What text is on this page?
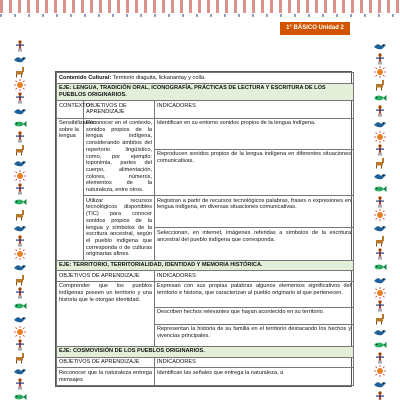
1° BÁSICO Unidad 2
Contenido Cultural: Territorio diaguita, lickanantay y colla.		
EJE: LENGUA, TRADICIÓN ORAL, ICONOGRAFÍA, PRÁCTICAS DE LECTURA Y ESCRITURA DE LOS PUEBLOS ORIGINARIOS.		
CONTEXTO	OBJETIVOS DE APRENDIZAJE	INDICADORES
Sensibilización sobre la lengua	Reconocer en el contexto, sonidos propios de la lengua indígena, considerando ámbitos del repertorio lingüístico, como, por ejemplo: toponimia, partes del cuerpo, alimentación, colores, números, elementos de la naturaleza, entre otros.	Identifican en su entorno sonidos propios de la lengua indígena.
		Reproducen sonidos propios de la lengua indígena en diferentes situaciones comunicativas.
	Utilizar recursos tecnológicos disponibles (TIC) para conocer sonidos propios de la lengua y símbolos de la escritura ancestral, según el pueblo indígena que corresponda o de culturas originarias afines.	Registran a partir de recursos tecnológicos palabras, frases o expresiones en lengua indígena, en diversas situaciones comunicativas.
		Seleccionan, en internet, imágenes referidas a símbolos de la escritura ancestral del pueblo indígena que corresponda.
EJE: TERRITORIO, TERRITORIALIDAD, IDENTIDAD Y MEMORIA HISTÓRICA.		
OBJETIVOS DE APRENDIZAJE		INDICADORES
Comprender que los pueblos indígenas poseen un territorio y una historia que le otorgan identidad.		Expresan con sus propias palabras algunos elementos significativos del territorio e historia, que caracterizan al pueblo originario al que pertenecen.
		Describen hechos relevantes que hayan acontecido en su territorio.
		Representan la historia de su familia en el territorio destacando los hechos y vivencias principales.
EJE: COSMOVISIÓN DE LOS PUEBLOS ORIGINARIOS.		
OBJETIVOS DE APRENDIZAJE		INDICADORES
Reconocer que la naturaleza entrega mensajes		Identifican las señales que entrega la naturaleza, a
